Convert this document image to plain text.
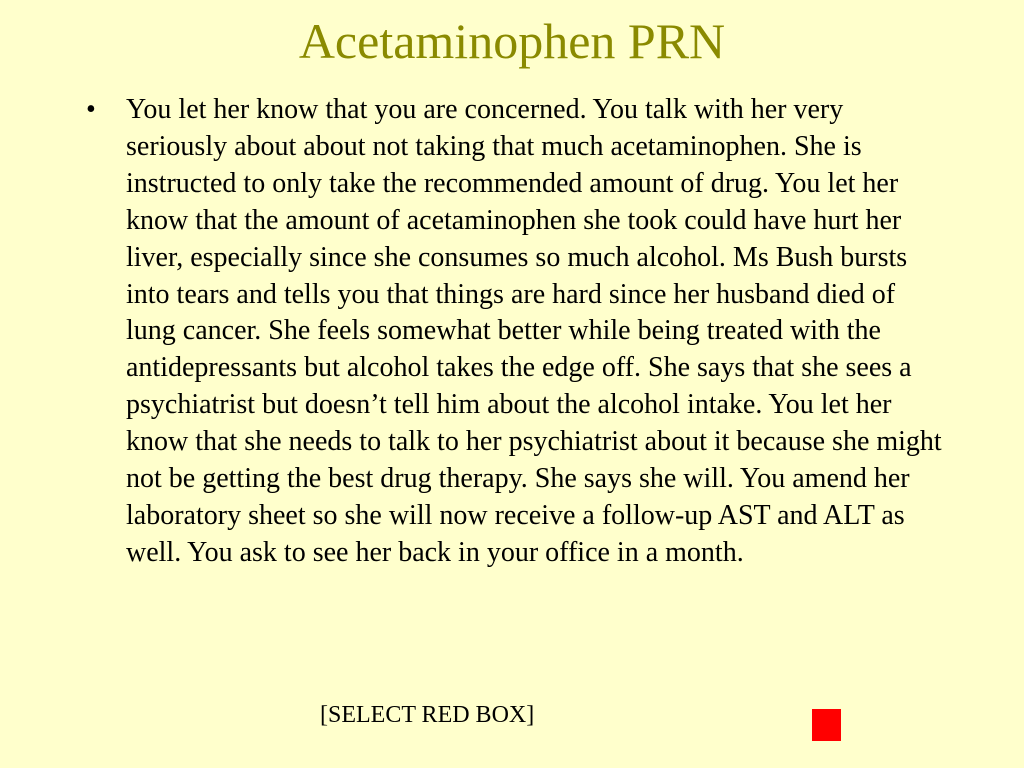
Acetaminophen PRN
• You let her know that you are concerned. You talk with her very seriously about about not taking that much acetaminophen. She is instructed to only take the recommended amount of drug. You let her know that the amount of acetaminophen she took could have hurt her liver, especially since she consumes so much alcohol. Ms Bush bursts into tears and tells you that things are hard since her husband died of lung cancer. She feels somewhat better while being treated with the antidepressants but alcohol takes the edge off. She says that she sees a psychiatrist but doesn’t tell him about the alcohol intake. You let her know that she needs to talk to her psychiatrist about it because she might not be getting the best drug therapy. She says she will. You amend her laboratory sheet so she will now receive a follow-up AST and ALT as well. You ask to see her back in your office in a month.
[SELECT RED BOX]
